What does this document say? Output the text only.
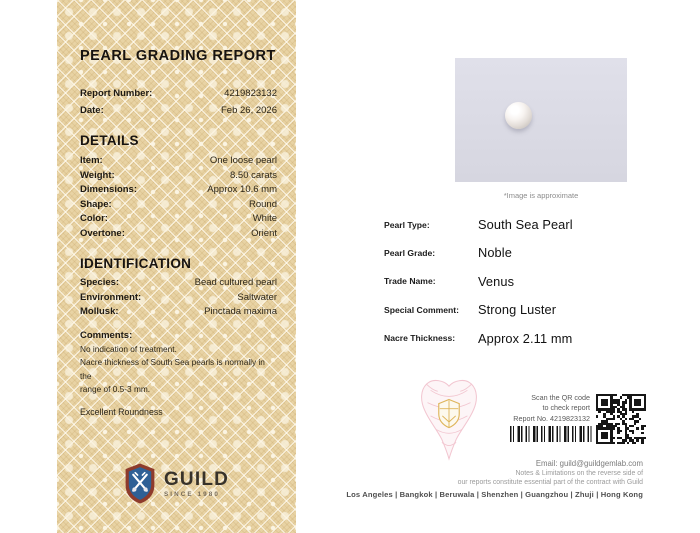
PEARL GRADING REPORT
Report Number:	4219823132
Date:	Feb 26, 2026
DETAILS
Item:	One loose pearl
Weight:	8.50 carats
Dimensions:	Approx 10.6 mm
Shape:	Round
Color:	White
Overtone:	Orient
IDENTIFICATION
Species:	Bead cultured pearl
Environment:	Saltwater
Mollusk:	Pinctada maxima
Comments:
No indication of treatment.
Nacre thickness of South Sea pearls is normally in the
range of 0.5-3 mm.
Excellent Roundness
GUILD
SINCE 1980
*Image is approximate
Pearl Type:	South Sea Pearl
Pearl Grade:	Noble
Trade Name:	Venus
Special Comment:	Strong Luster
Nacre Thickness:	Approx 2.11 mm
Scan the QR code
to check report
Report No. 4219823132
Email: guild@guildgemlab.com
Notes & Limitations on the reverse side of
our reports constitute essential part of the contract with Guild
Los Angeles | Bangkok | Beruwala | Shenzhen | Guangzhou | Zhuji | Hong Kong
